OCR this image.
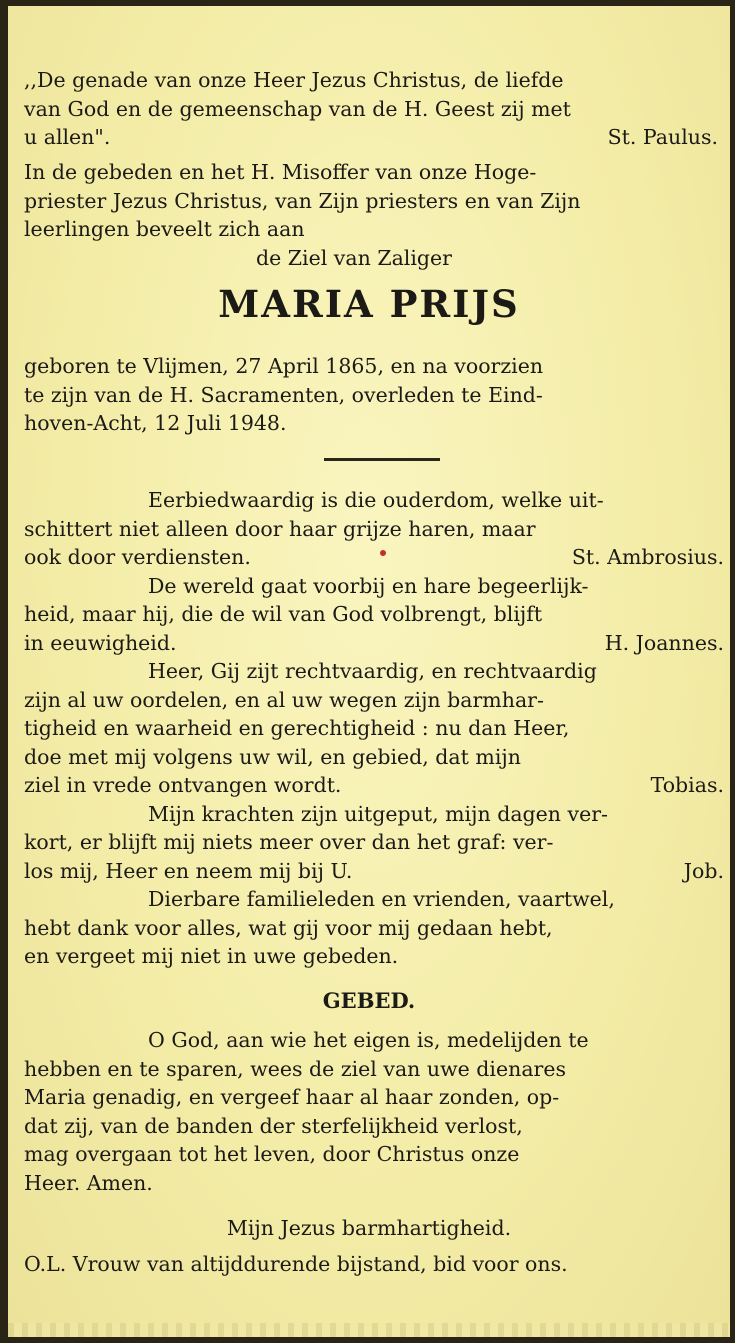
,,De genade van onze Heer Jezus Christus, de liefde
van God en de gemeenschap van de H. Geest zij met
u allen".	St. Paulus.
In de gebeden en het H. Misoffer van onze Hoge-
priester Jezus Christus, van Zijn priesters en van Zijn
leerlingen beveelt zich aan
de Ziel van Zaliger
MARIA PRIJS
geboren te Vlijmen, 27 April 1865, en na voorzien
te zijn van de H. Sacramenten, overleden te Eind-
hoven-Acht, 12 Juli 1948.
Eerbiedwaardig is die ouderdom, welke uit-
schittert niet alleen door haar grijze haren, maar
ook door verdiensten.	St. Ambrosius.
De wereld gaat voorbij en hare begeerlijk-
heid, maar hij, die de wil van God volbrengt, blijft
in eeuwigheid.	H. Joannes.
Heer, Gij zijt rechtvaardig, en rechtvaardig
zijn al uw oordelen, en al uw wegen zijn barmhar-
tigheid en waarheid en gerechtigheid : nu dan Heer,
doe met mij volgens uw wil, en gebied, dat mijn
ziel in vrede ontvangen wordt.	Tobias.
Mijn krachten zijn uitgeput, mijn dagen ver-
kort, er blijft mij niets meer over dan het graf: ver-
los mij, Heer en neem mij bij U.	Job.
Dierbare familieleden en vrienden, vaartwel,
hebt dank voor alles, wat gij voor mij gedaan hebt,
en vergeet mij niet in uwe gebeden.
GEBED.
O God, aan wie het eigen is, medelijden te
hebben en te sparen, wees de ziel van uwe dienares
Maria genadig, en vergeef haar al haar zonden, op-
dat zij, van de banden der sterfelijkheid verlost,
mag overgaan tot het leven, door Christus onze
Heer. Amen.
Mijn Jezus barmhartigheid.
O.L. Vrouw van altijddurende bijstand, bid voor ons.
